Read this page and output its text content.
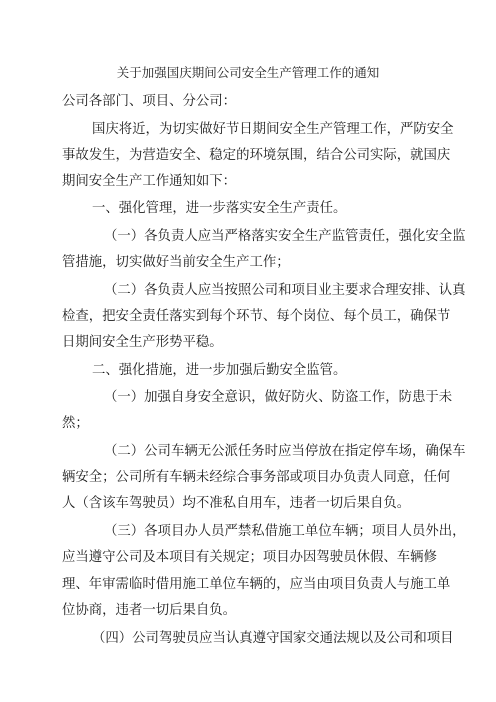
关于加强国庆期间公司安全生产管理工作的通知
公司各部门、项目、分公司：
国庆将近，为切实做好节日期间安全生产管理工作，严防安全
事故发生，为营造安全、稳定的环境氛围，结合公司实际，就国庆
期间安全生产工作通知如下：
一、强化管理，进一步落实安全生产责任。
（一）各负责人应当严格落实安全生产监管责任，强化安全监
管措施，切实做好当前安全生产工作；
（二）各负责人应当按照公司和项目业主要求合理安排、认真
检查，把安全责任落实到每个环节、每个岗位、每个员工，确保节
日期间安全生产形势平稳。
二、强化措施，进一步加强后勤安全监管。
（一）加强自身安全意识，做好防火、防盗工作，防患于未
然；
（二）公司车辆无公派任务时应当停放在指定停车场，确保车
辆安全；公司所有车辆未经综合事务部或项目办负责人同意，任何
人（含该车驾驶员）均不准私自用车，违者一切后果自负。
（三）各项目办人员严禁私借施工单位车辆；项目人员外出，
应当遵守公司及本项目有关规定；项目办因驾驶员休假、车辆修
理、年审需临时借用施工单位车辆的，应当由项目负责人与施工单
位协商，违者一切后果自负。
（四）公司驾驶员应当认真遵守国家交通法规以及公司和项目
